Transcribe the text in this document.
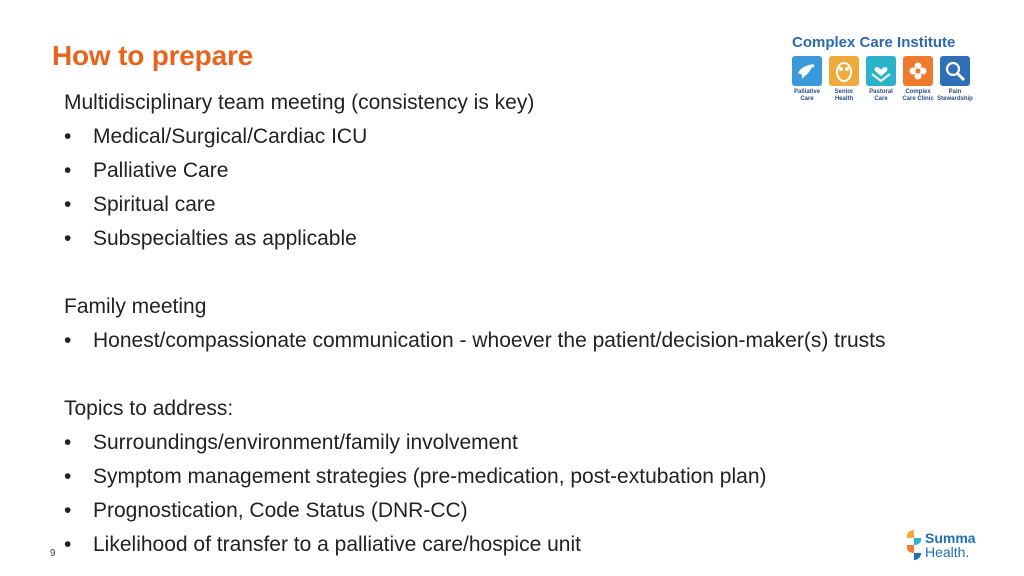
How to prepare

Multidisciplinary team meeting (consistency is key)

• Medical/Surgical/Cardiac ICU
• Palliative Care
• Spiritual care
• Subspecialties as applicable

Family meeting

• Honest/compassionate communication - whoever the patient/decision-maker(s) trusts

Topics to address:

• Surroundings/environment/family involvement
• Symptom management strategies (pre-medication, post-extubation plan)
• Prognostication, Code Status (DNR-CC)
• Likelihood of transfer to a palliative care/hospice unit
9
Complex Care Institute
Palliative
Care
Senior
Health
Pastoral
Care
Complex
Care Clinic
Pain
Stewardship
Summa
Health.
